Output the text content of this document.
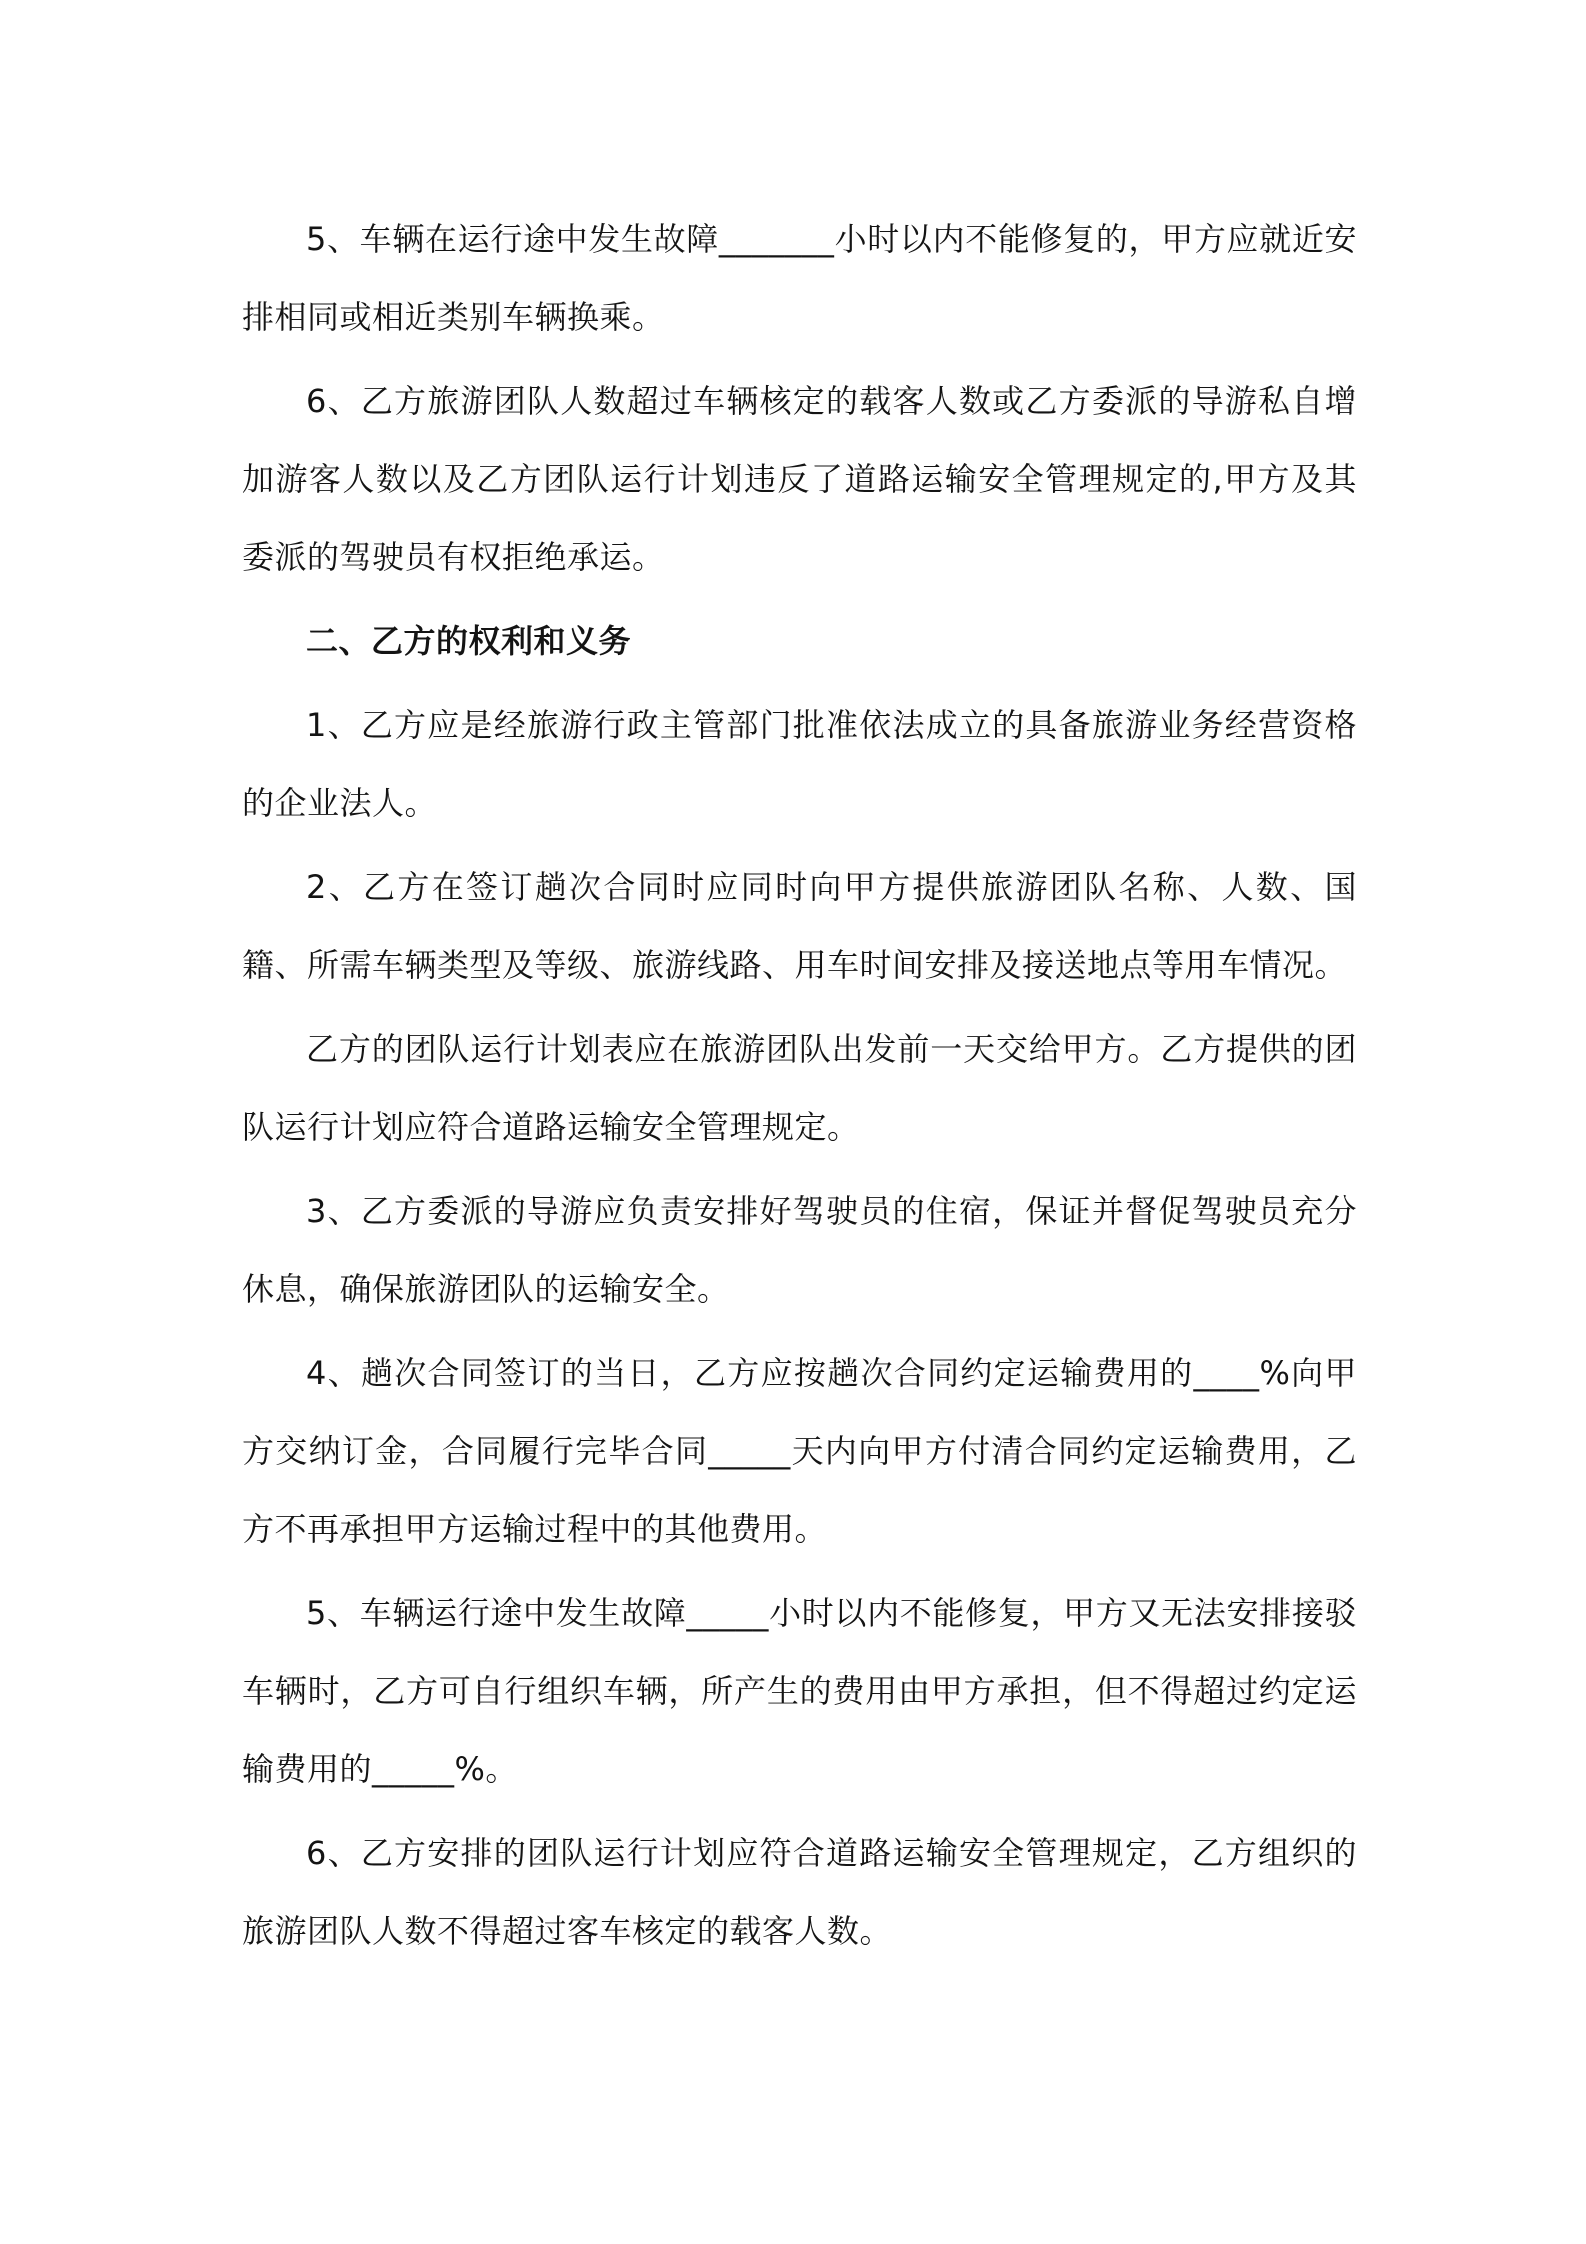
5、车辆在运行途中发生故障_______小时以内不能修复的，甲方应就近安排相同或相近类别车辆换乘。

6、乙方旅游团队人数超过车辆核定的载客人数或乙方委派的导游私自增加游客人数以及乙方团队运行计划违反了道路运输安全管理规定的,甲方及其委派的驾驶员有权拒绝承运。

二、乙方的权利和义务

1、乙方应是经旅游行政主管部门批准依法成立的具备旅游业务经营资格的企业法人。

2、乙方在签订趟次合同时应同时向甲方提供旅游团队名称、人数、国籍、所需车辆类型及等级、旅游线路、用车时间安排及接送地点等用车情况。

乙方的团队运行计划表应在旅游团队出发前一天交给甲方。乙方提供的团队运行计划应符合道路运输安全管理规定。

3、乙方委派的导游应负责安排好驾驶员的住宿，保证并督促驾驶员充分休息，确保旅游团队的运输安全。

4、趟次合同签订的当日，乙方应按趟次合同约定运输费用的____%向甲方交纳订金，合同履行完毕合同_____天内向甲方付清合同约定运输费用，乙方不再承担甲方运输过程中的其他费用。

5、车辆运行途中发生故障_____小时以内不能修复，甲方又无法安排接驳车辆时，乙方可自行组织车辆，所产生的费用由甲方承担，但不得超过约定运输费用的_____%。

6、乙方安排的团队运行计划应符合道路运输安全管理规定，乙方组织的旅游团队人数不得超过客车核定的载客人数。
